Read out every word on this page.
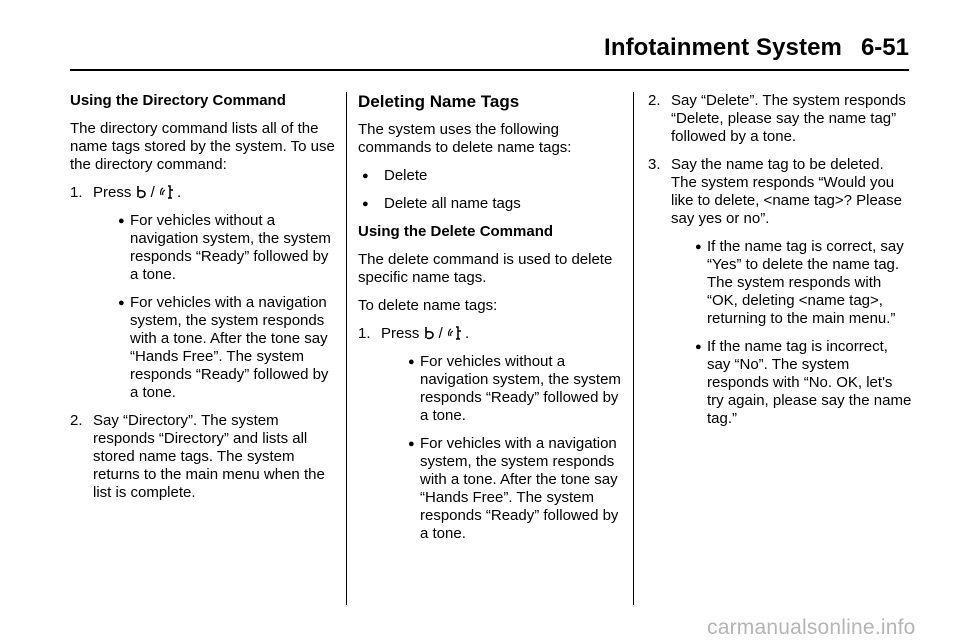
Infotainment System 6-51

Using the Directory Command

The directory command lists all of the name tags stored by the system. To use the directory command:

1. Press  / .

● For vehicles without a navigation system, the system responds “Ready” followed by a tone.

● For vehicles with a navigation system, the system responds with a tone. After the tone say “Hands Free”. The system responds “Ready” followed by a tone.

2. Say “Directory”. The system responds “Directory” and lists all stored name tags. The system returns to the main menu when the list is complete.

Deleting Name Tags

The system uses the following commands to delete name tags:

● Delete

● Delete all name tags

Using the Delete Command

The delete command is used to delete specific name tags.

To delete name tags:

1. Press  / .

● For vehicles without a navigation system, the system responds “Ready” followed by a tone.

● For vehicles with a navigation system, the system responds with a tone. After the tone say “Hands Free”. The system responds “Ready” followed by a tone.

2. Say “Delete”. The system responds “Delete, please say the name tag” followed by a tone.

3. Say the name tag to be deleted. The system responds “Would you like to delete, <name tag>? Please say yes or no”.

● If the name tag is correct, say “Yes” to delete the name tag. The system responds with “OK, deleting <name tag>, returning to the main menu.”

● If the name tag is incorrect, say “No”. The system responds with “No. OK, let's try again, please say the name tag.”

carmanualsonline.info
